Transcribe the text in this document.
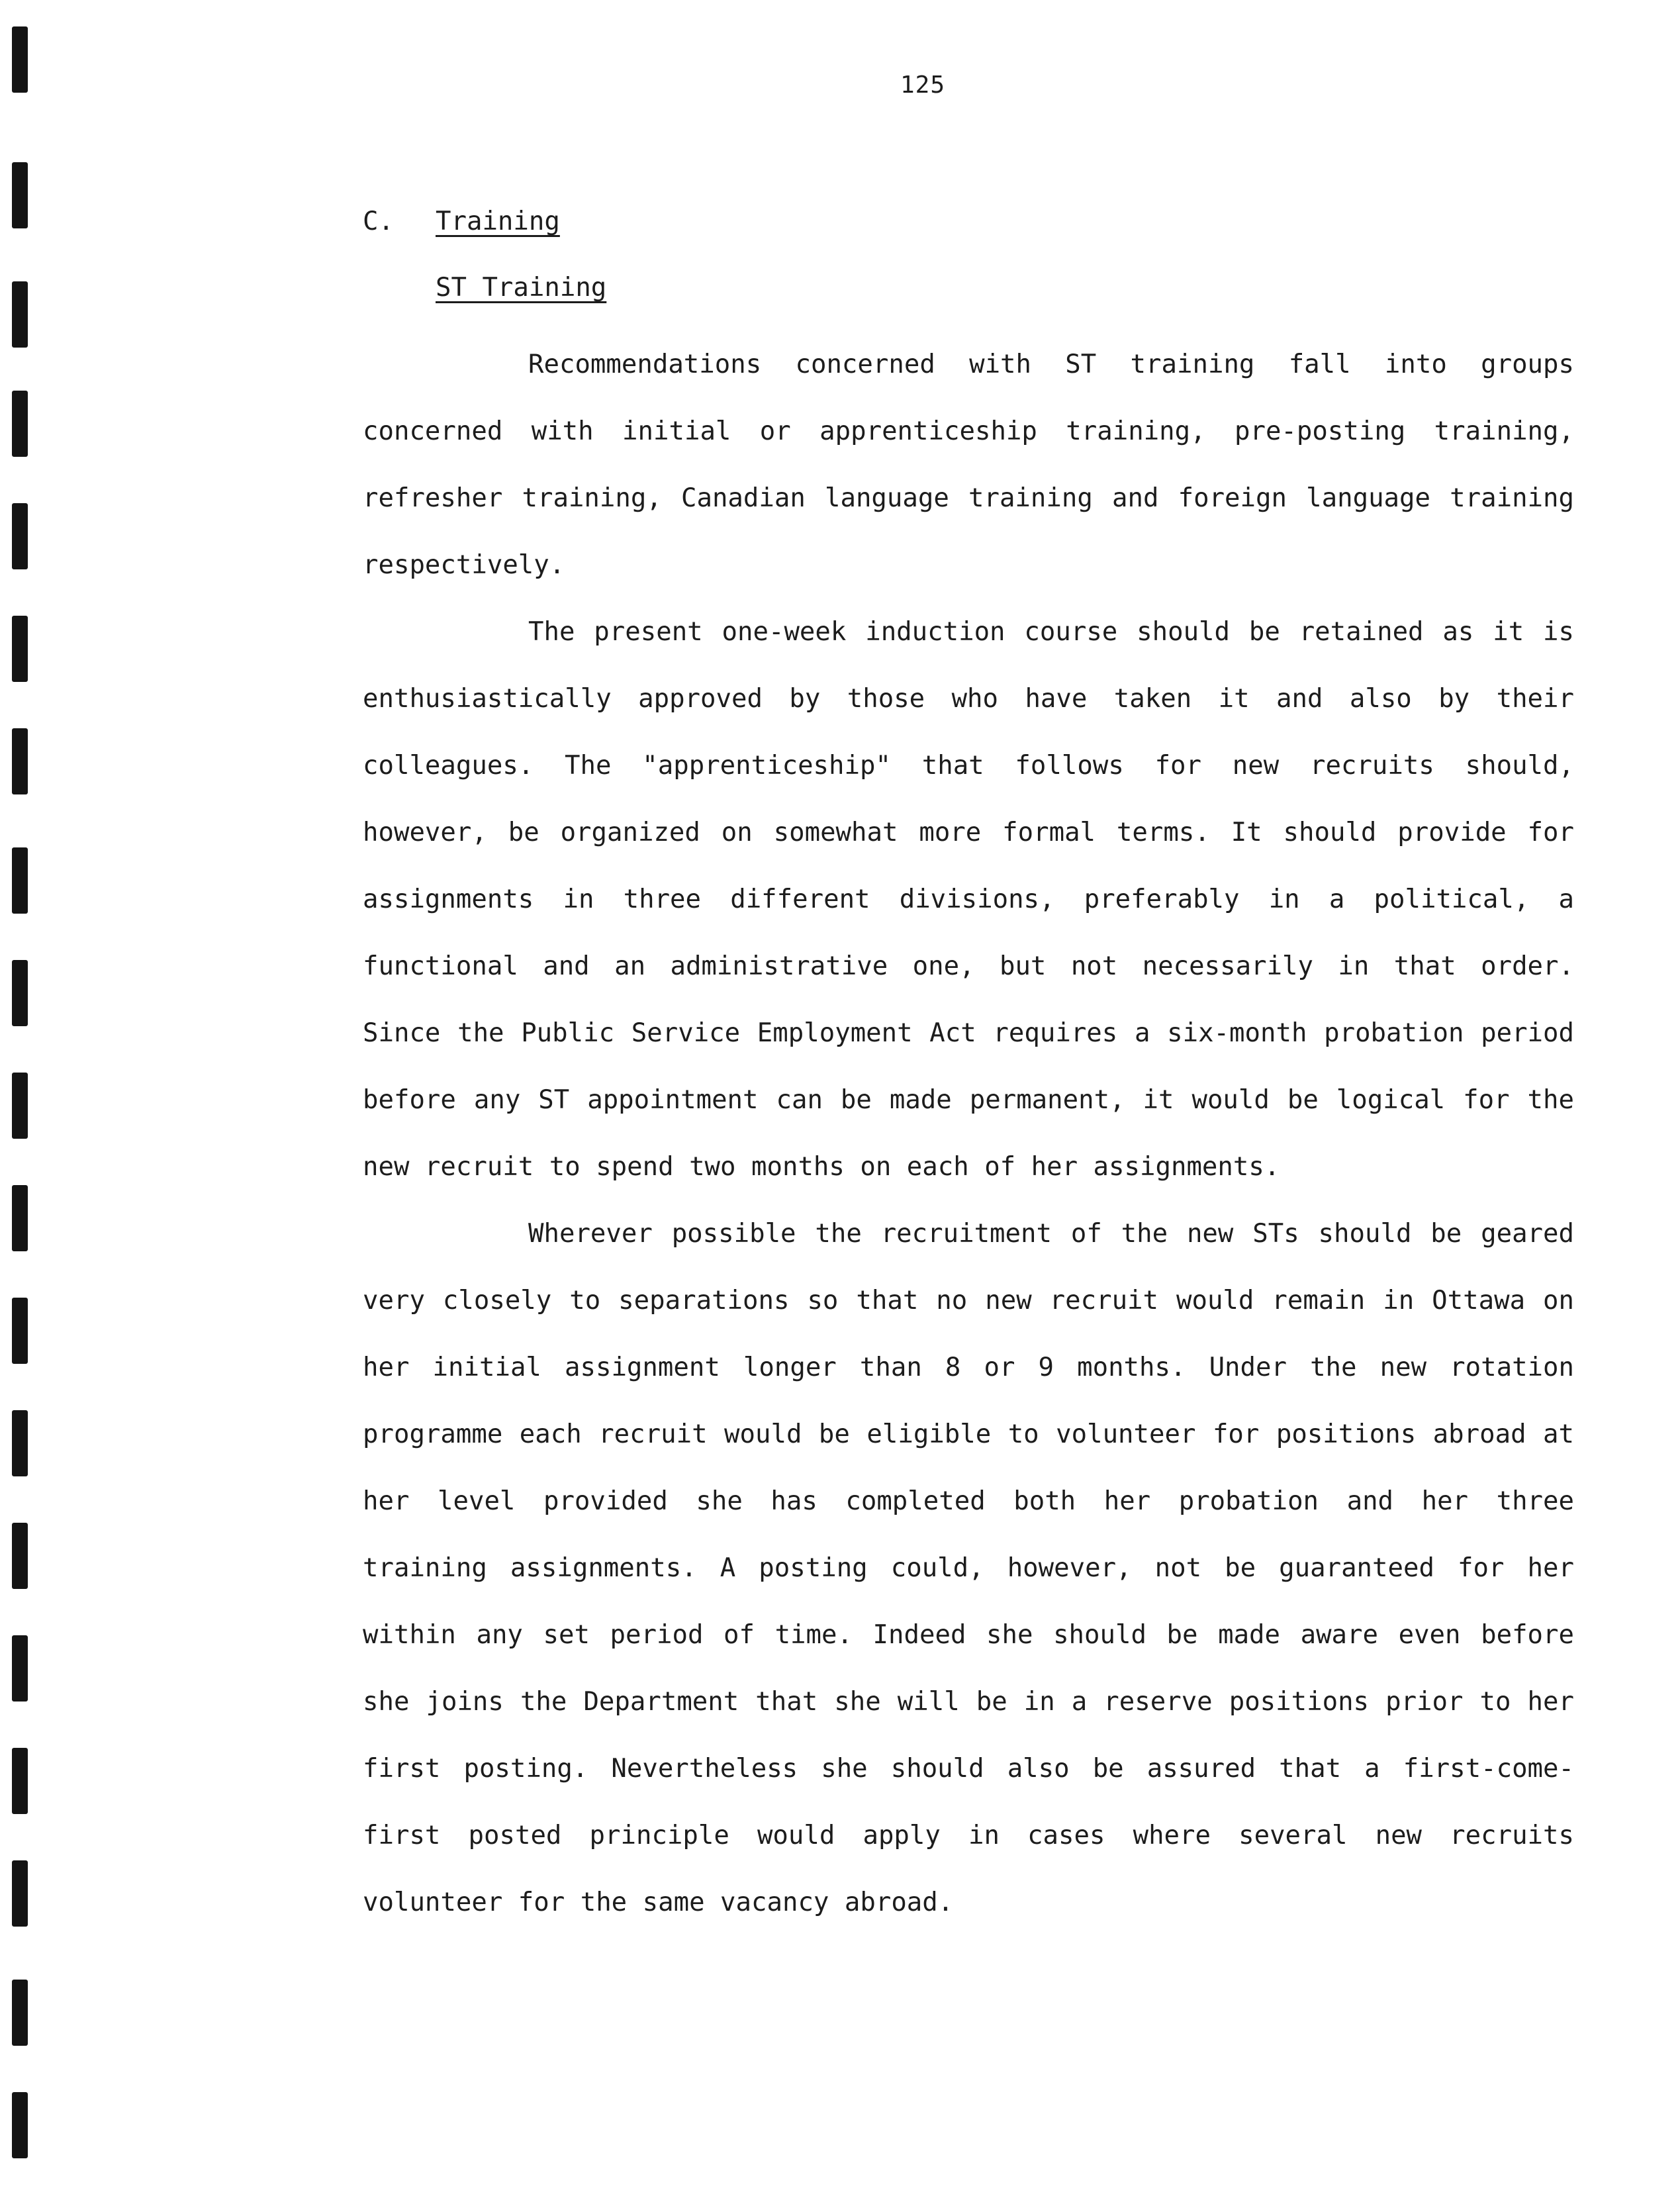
125
C. Training
ST Training

Recommendations concerned with ST training fall into groups concerned with initial or apprenticeship training, pre-posting training, refresher training, Canadian language training and foreign language training respectively.

The present one-week induction course should be retained as it is enthusiastically approved by those who have taken it and also by their colleagues. The "apprenticeship" that follows for new recruits should, however, be organized on somewhat more formal terms. It should provide for assignments in three different divisions, preferably in a political, a functional and an administrative one, but not necessarily in that order. Since the Public Service Employment Act requires a six-month probation period before any ST appointment can be made permanent, it would be logical for the new recruit to spend two months on each of her assignments.

Wherever possible the recruitment of the new STs should be geared very closely to separations so that no new recruit would remain in Ottawa on her initial assignment longer than 8 or 9 months. Under the new rotation programme each recruit would be eligible to volunteer for positions abroad at her level provided she has completed both her probation and her three training assignments. A posting could, however, not be guaranteed for her within any set period of time. Indeed she should be made aware even before she joins the Department that she will be in a reserve positions prior to her first posting. Nevertheless she should also be assured that a first-come-first posted principle would apply in cases where several new recruits volunteer for the same vacancy abroad.
